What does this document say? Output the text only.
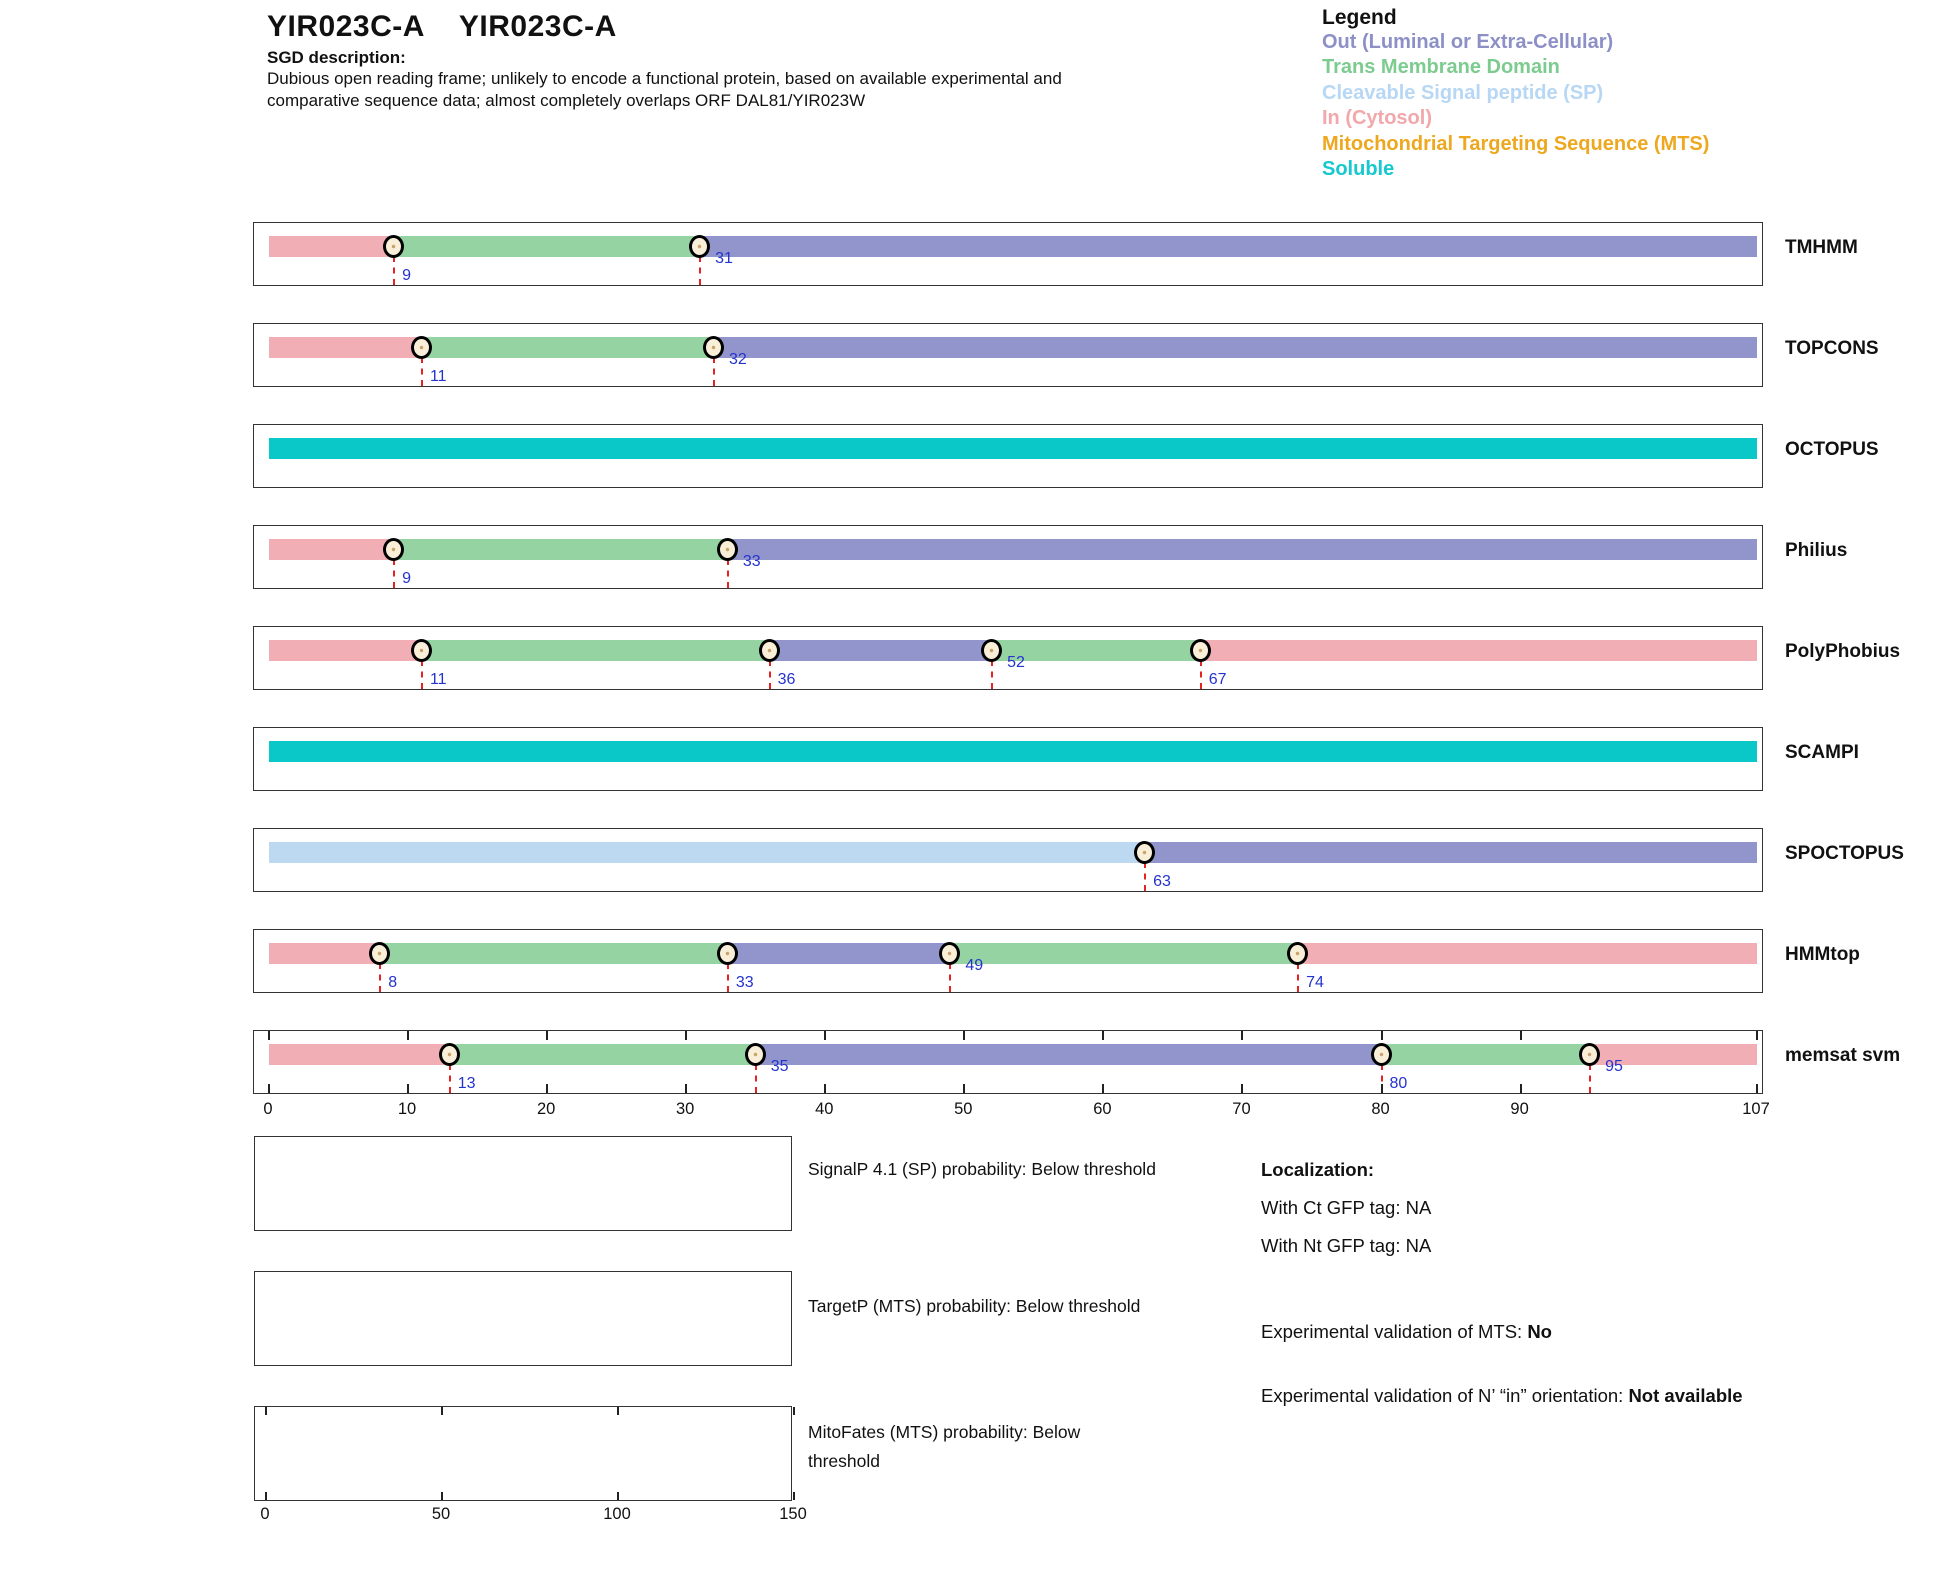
YIR023C-A YIR023C-A
SGD description:
Dubious open reading frame; unlikely to encode a functional protein, based on available experimental and
comparative sequence data; almost completely overlaps ORF DAL81/YIR023W
Legend
Out (Luminal or Extra-Cellular)
Trans Membrane Domain
Cleavable Signal peptide (SP)
In (Cytosol)
Mitochondrial Targeting Sequence (MTS)
Soluble
9
31
TMHMM
11
32
TOPCONS
OCTOPUS
9
33
Philius
11	36
52
67
PolyPhobius
SCAMPI
63
SPOCTOPUS
8	33
49
74
HMMtop
13
35
80
95
0	10	20	30	40	50	60	70	80	90	107
memsat svm
SignalP 4.1 (SP) probability: Below threshold
TargetP (MTS) probability: Below threshold
MitoFates (MTS) probability: Below threshold
0	50	100	150
Localization:
With Ct GFP tag: NA
With Nt GFP tag: NA
Experimental validation of MTS: No
Experimental validation of N’ “in” orientation: Not available
